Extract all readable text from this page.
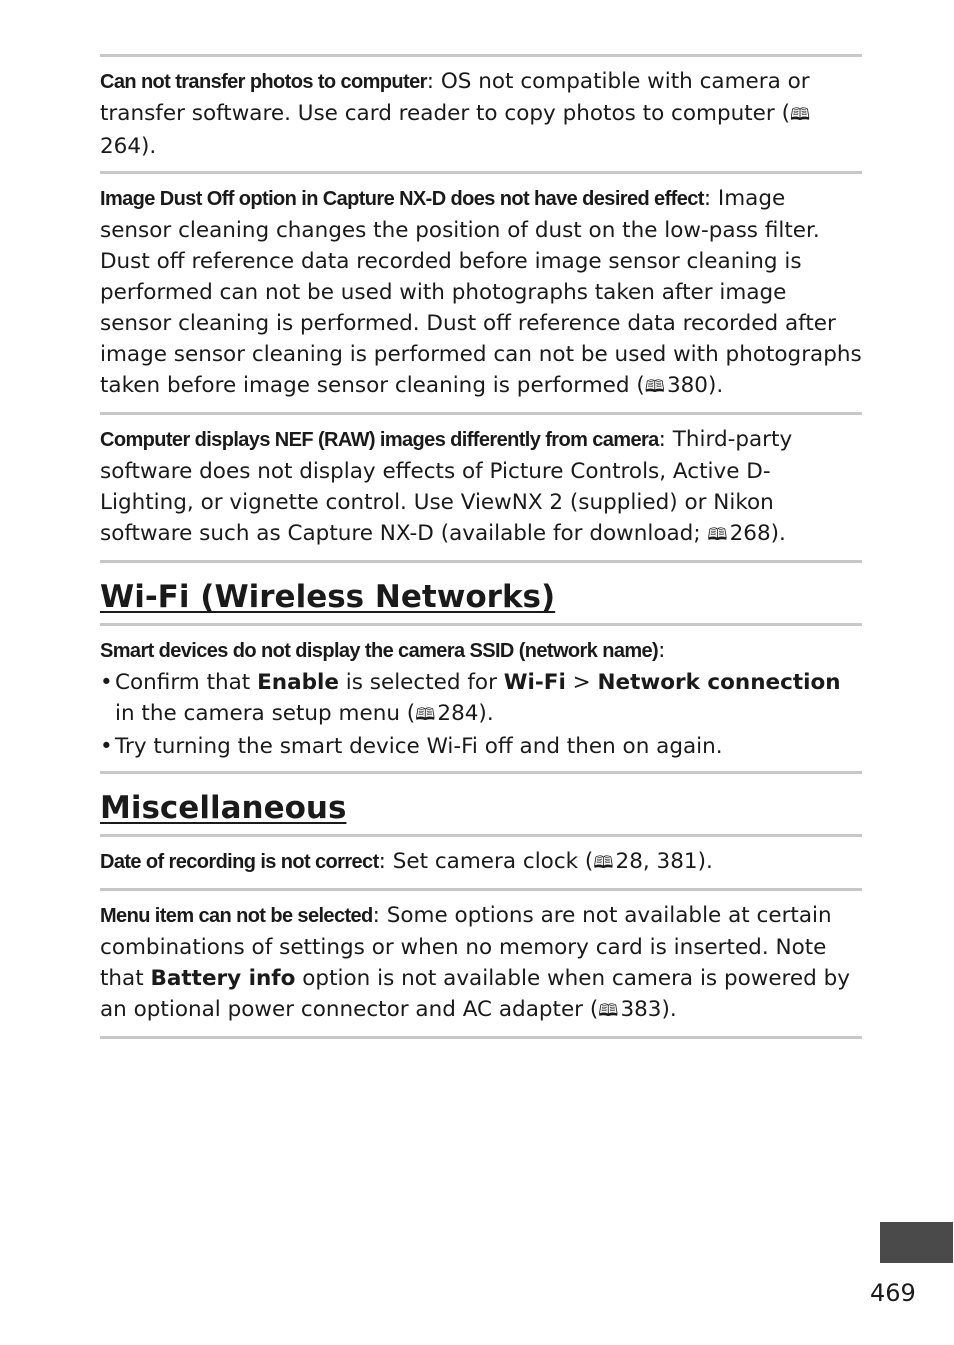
Can not transfer photos to computer: OS not compatible with camera or transfer software. Use card reader to copy photos to computer (🕮 264).
Image Dust Off option in Capture NX-D does not have desired effect: Image sensor cleaning changes the position of dust on the low-pass filter. Dust off reference data recorded before image sensor cleaning is performed can not be used with photographs taken after image sensor cleaning is performed. Dust off reference data recorded after image sensor cleaning is performed can not be used with photographs taken before image sensor cleaning is performed (🕮  380).
Computer displays NEF (RAW) images differently from camera: Third-party software does not display effects of Picture Controls, Active D-Lighting, or vignette control. Use ViewNX 2 (supplied) or Nikon software such as Capture NX-D (available for download; 🕮  268).
Wi-Fi (Wireless Networks)
Smart devices do not display the camera SSID (network name):
• Confirm that Enable is selected for Wi-Fi > Network connection in the camera setup menu (🕮  284).
• Try turning the smart device Wi-Fi off and then on again.
Miscellaneous
Date of recording is not correct: Set camera clock (🕮  28, 381).
Menu item can not be selected: Some options are not available at certain combinations of settings or when no memory card is inserted. Note that Battery info option is not available when camera is powered by an optional power connector and AC adapter (🕮  383).
469
